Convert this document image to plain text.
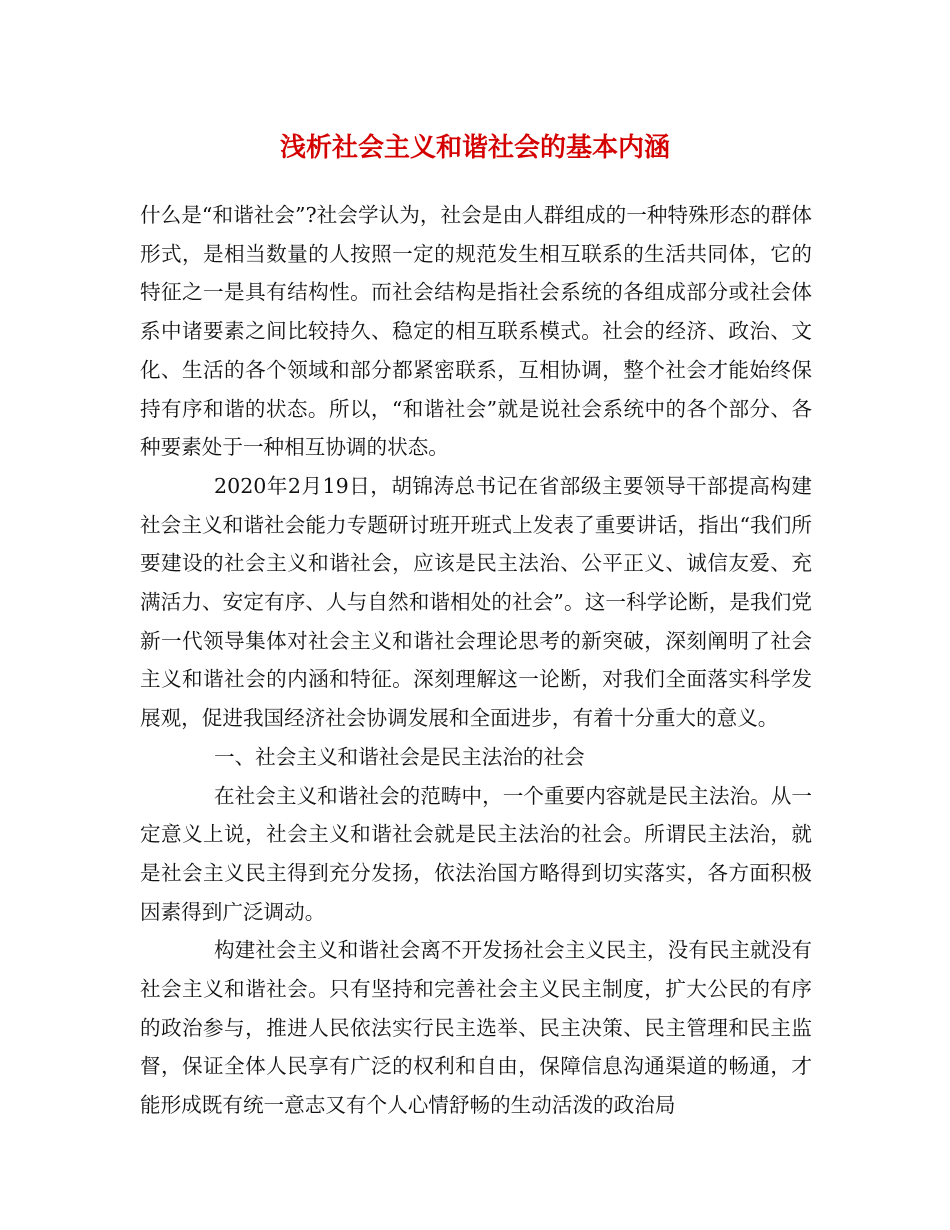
浅析社会主义和谐社会的基本内涵

什么是“和谐社会”?社会学认为，社会是由人群组成的一种特殊形态的群体形式，是相当数量的人按照一定的规范发生相互联系的生活共同体，它的特征之一是具有结构性。而社会结构是指社会系统的各组成部分或社会体系中诸要素之间比较持久、稳定的相互联系模式。社会的经济、政治、文化、生活的各个领域和部分都紧密联系，互相协调，整个社会才能始终保持有序和谐的状态。所以，“和谐社会”就是说社会系统中的各个部分、各种要素处于一种相互协调的状态。

2020年2月19日，胡锦涛总书记在省部级主要领导干部提高构建社会主义和谐社会能力专题研讨班开班式上发表了重要讲话，指出“我们所要建设的社会主义和谐社会，应该是民主法治、公平正义、诚信友爱、充满活力、安定有序、人与自然和谐相处的社会”。这一科学论断，是我们党新一代领导集体对社会主义和谐社会理论思考的新突破，深刻阐明了社会主义和谐社会的内涵和特征。深刻理解这一论断，对我们全面落实科学发展观，促进我国经济社会协调发展和全面进步，有着十分重大的意义。

一、社会主义和谐社会是民主法治的社会

在社会主义和谐社会的范畴中，一个重要内容就是民主法治。从一定意义上说，社会主义和谐社会就是民主法治的社会。所谓民主法治，就是社会主义民主得到充分发扬，依法治国方略得到切实落实，各方面积极因素得到广泛调动。

构建社会主义和谐社会离不开发扬社会主义民主，没有民主就没有社会主义和谐社会。只有坚持和完善社会主义民主制度，扩大公民的有序的政治参与，推进人民依法实行民主选举、民主决策、民主管理和民主监督，保证全体人民享有广泛的权利和自由，保障信息沟通渠道的畅通，才能形成既有统一意志又有个人心情舒畅的生动活泼的政治局
